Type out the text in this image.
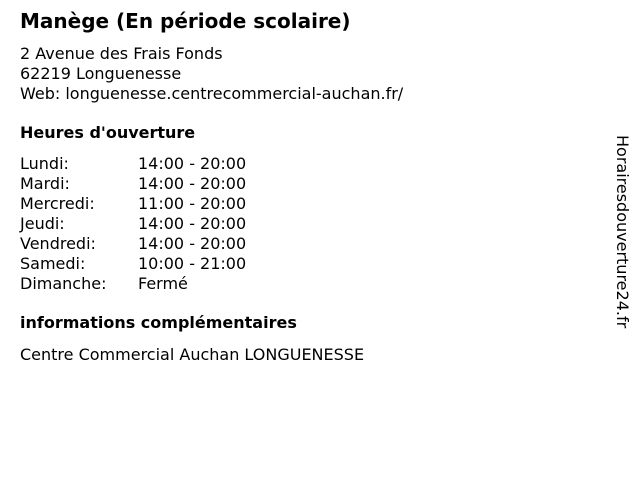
Manège (En période scolaire)
2 Avenue des Frais Fonds
62219 Longuenesse
Web: longuenesse.centrecommercial-auchan.fr/
Heures d'ouverture
Lundi:	14:00 - 20:00
Mardi:	14:00 - 20:00
Mercredi:	11:00 - 20:00
Jeudi:	14:00 - 20:00
Vendredi:	14:00 - 20:00
Samedi:	10:00 - 21:00
Dimanche:	Fermé
informations complémentaires
Centre Commercial Auchan LONGUENESSE
Horairesdouverture24.fr
